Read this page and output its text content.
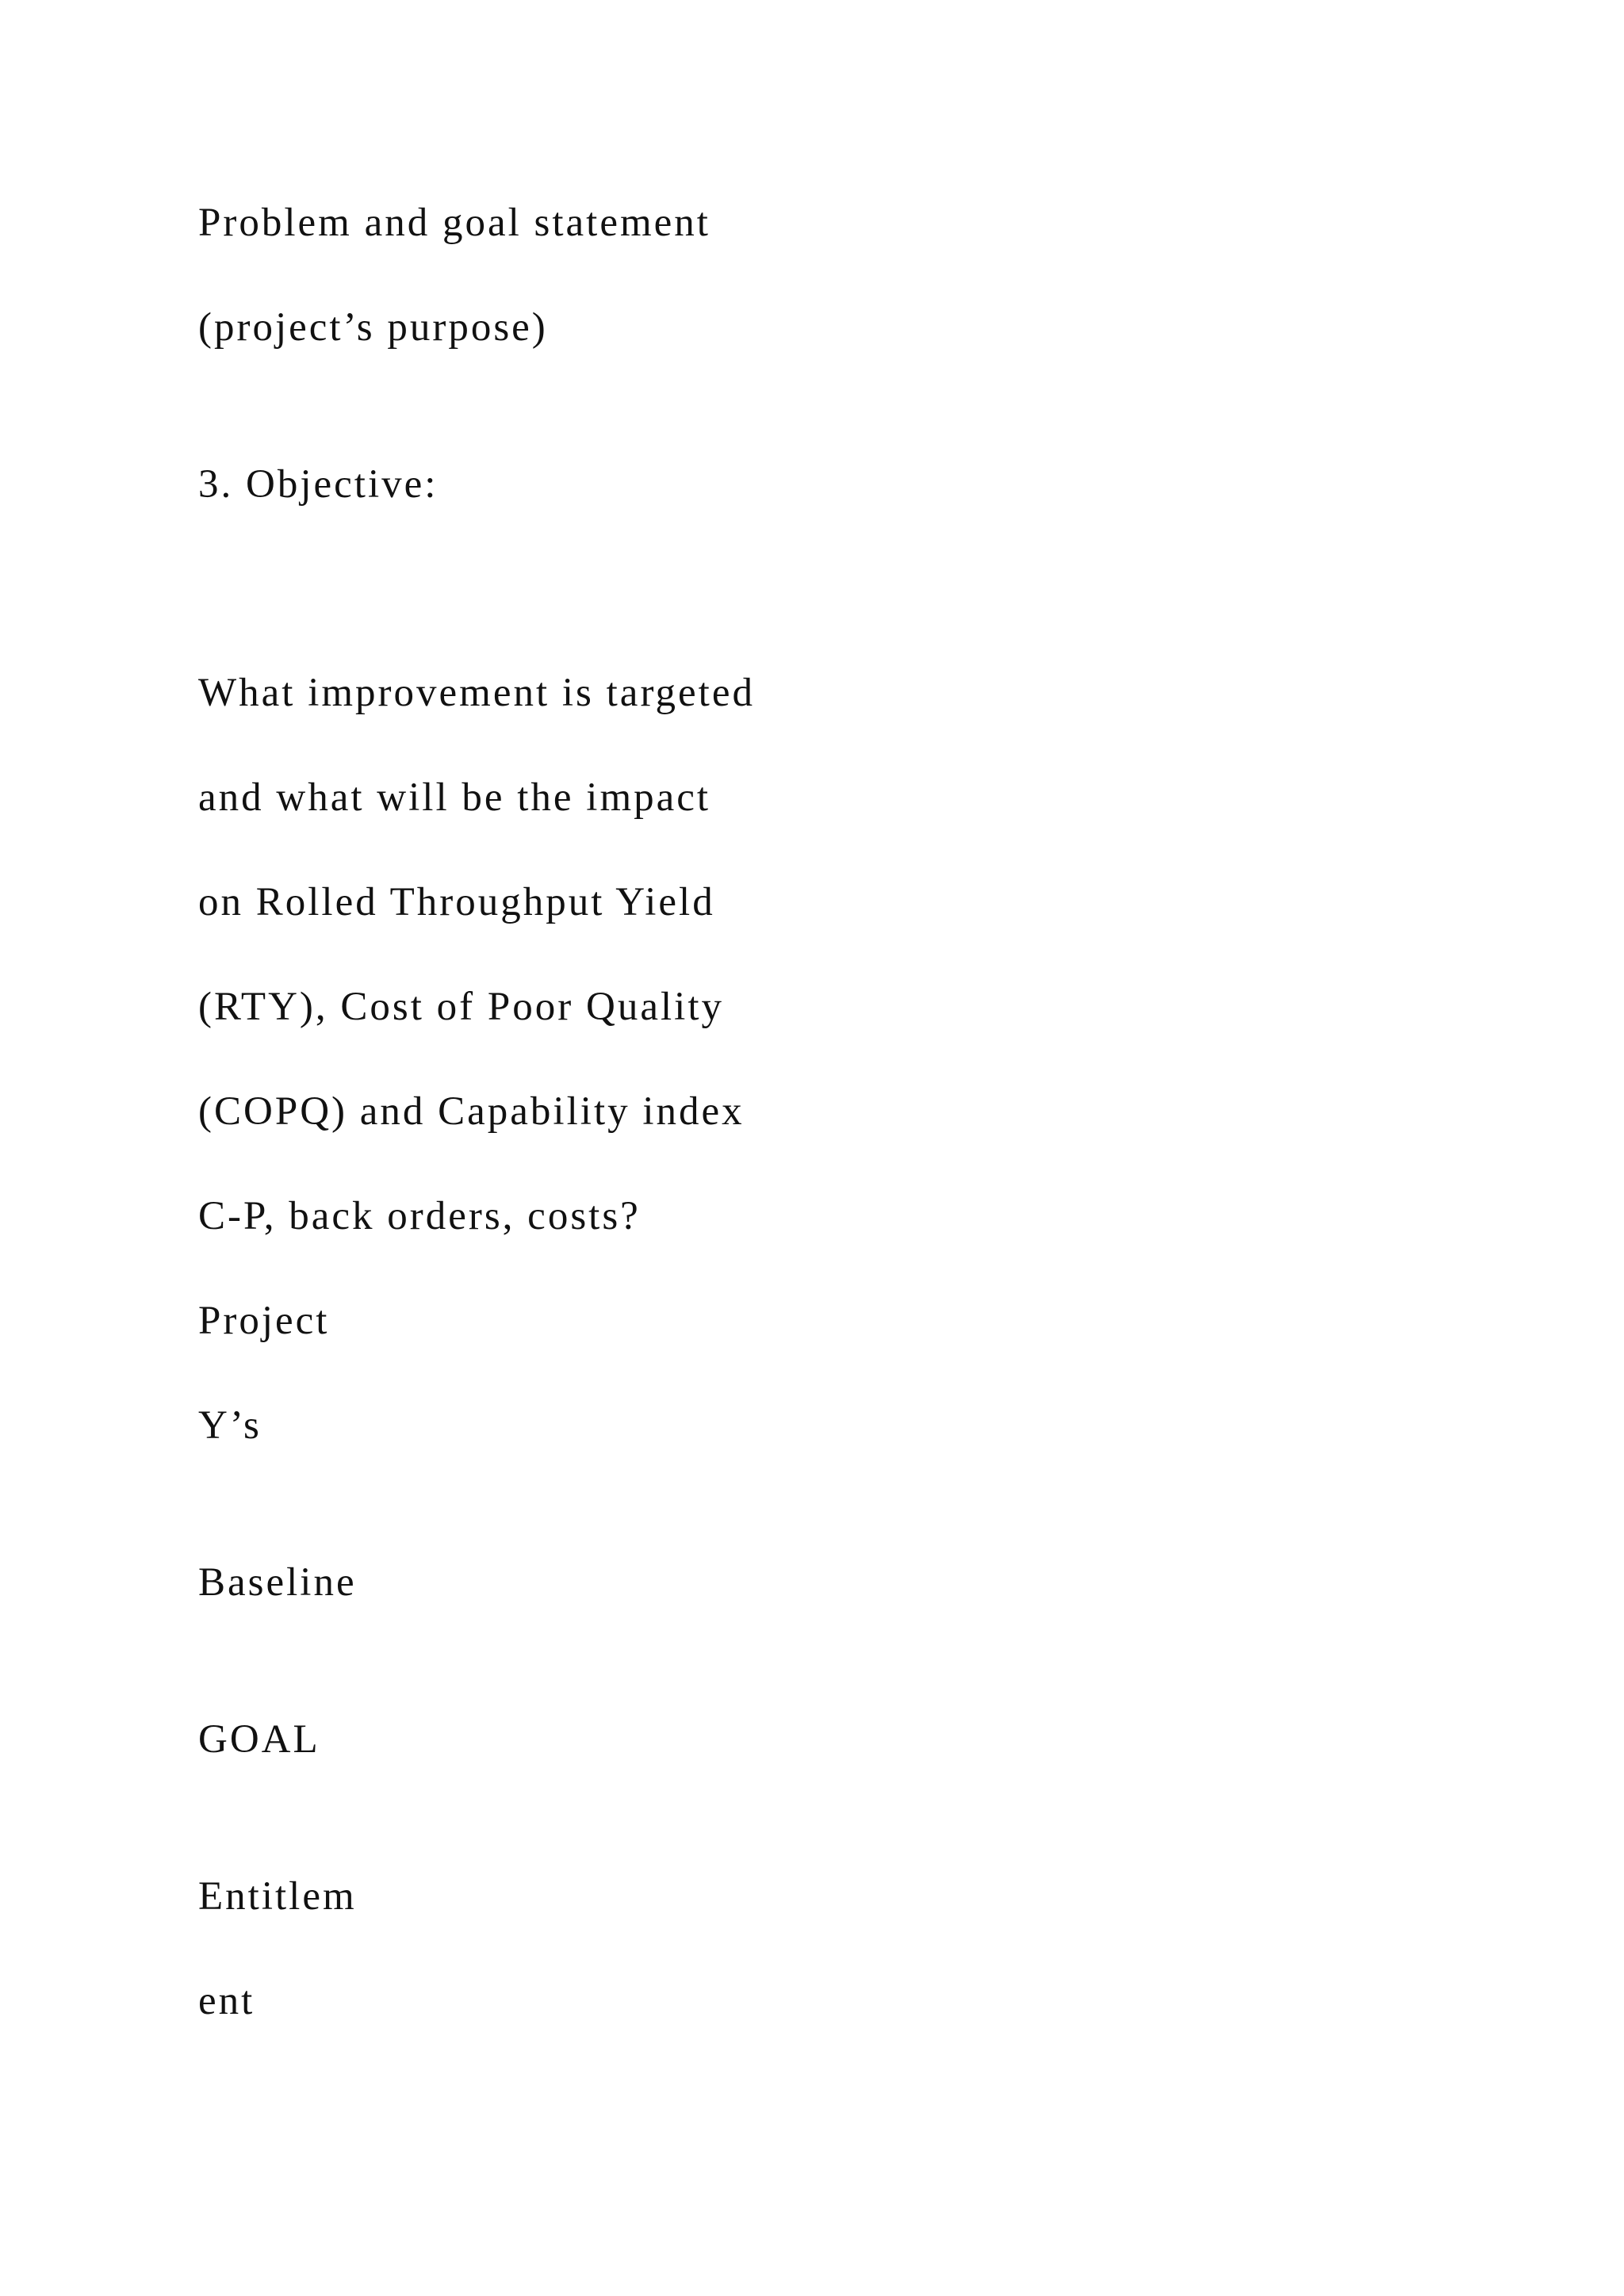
Problem and goal statement

(project’s purpose)

3. Objective:

What improvement is targeted

and what will be the impact

on Rolled Throughput Yield

(RTY), Cost of Poor Quality

(COPQ) and Capability index

C-P, back orders, costs?

Project

Y’s

Baseline

GOAL

Entitlem

ent
